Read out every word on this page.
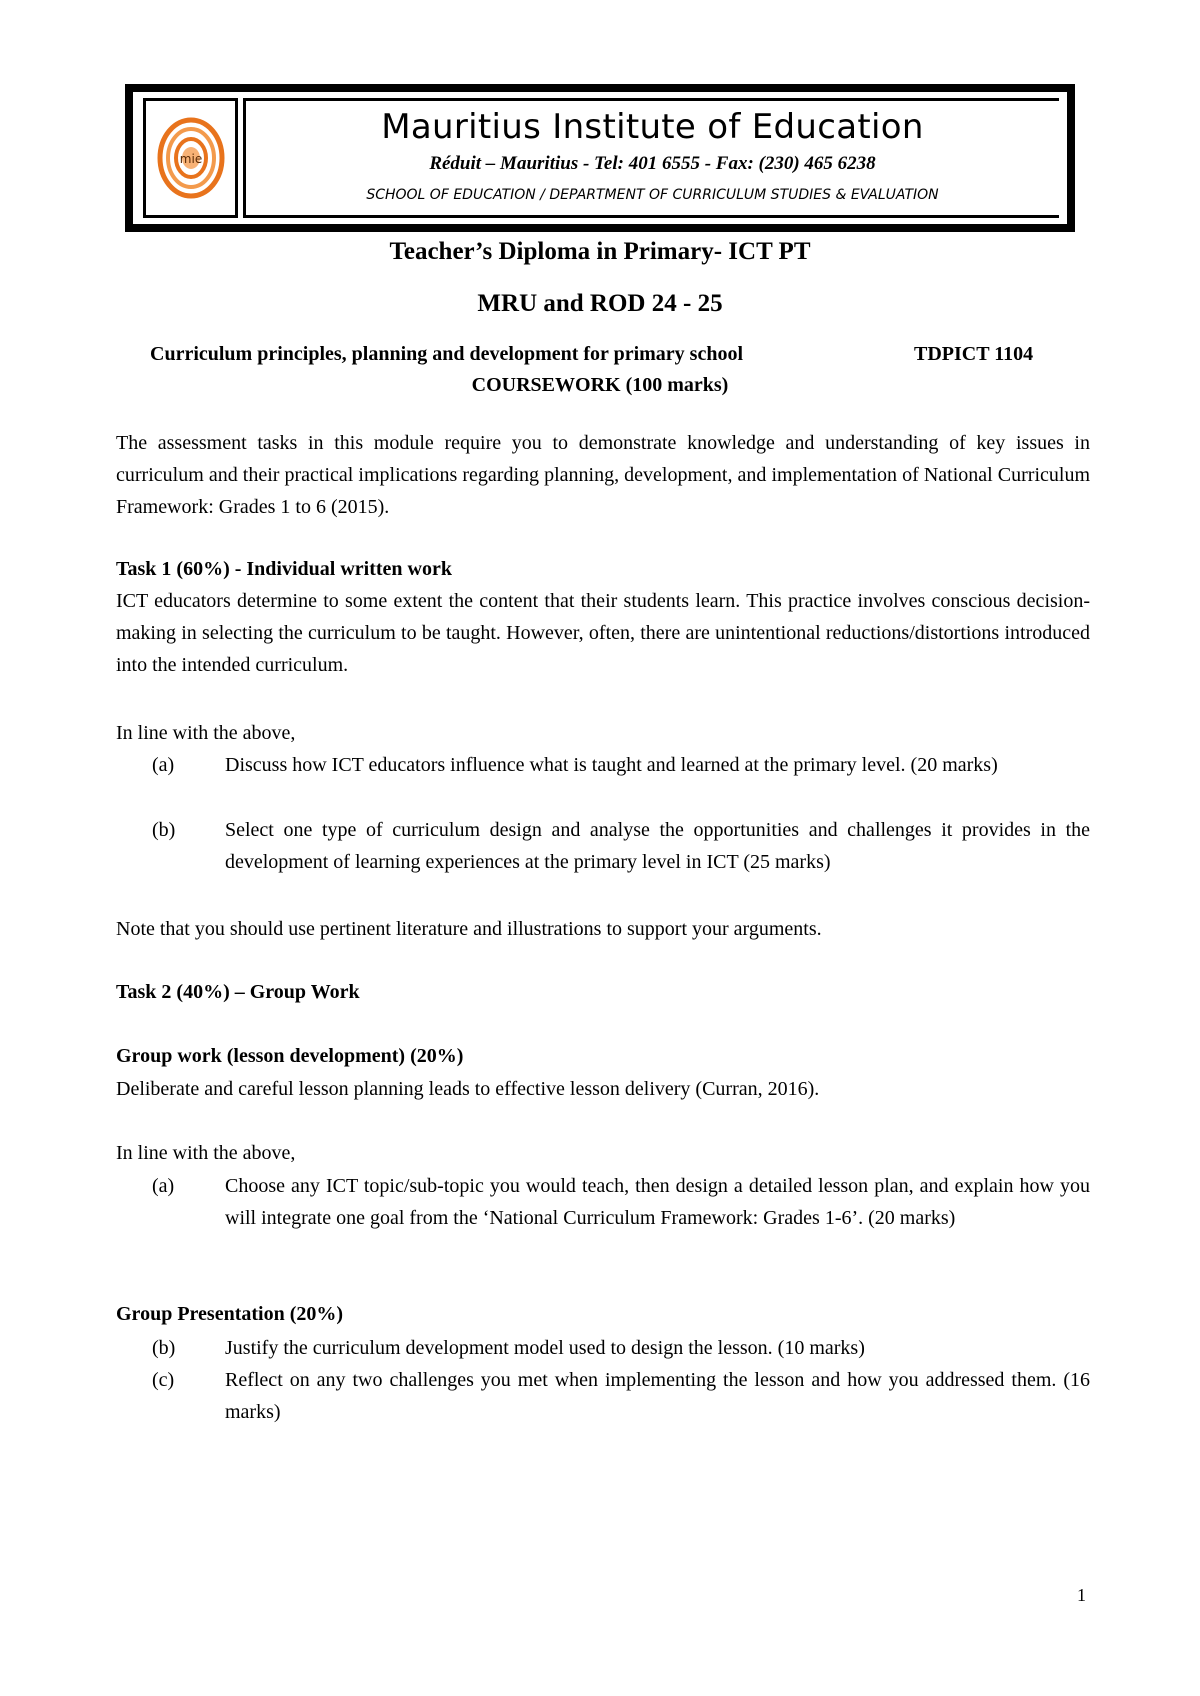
mie
Mauritius Institute of Education
Réduit – Mauritius - Tel: 401 6555 - Fax: (230) 465 6238
SCHOOL OF EDUCATION / DEPARTMENT OF CURRICULUM STUDIES & EVALUATION
Teacher’s Diploma in Primary- ICT PT
MRU and ROD 24 - 25
Curriculum principles, planning and development for primary school	TDPICT 1104
COURSEWORK (100 marks)
The assessment tasks in this module require you to demonstrate knowledge and understanding of key issues in curriculum and their practical implications regarding planning, development, and implementation of National Curriculum Framework: Grades 1 to 6 (2015).
Task 1 (60%) - Individual written work
ICT educators determine to some extent the content that their students learn. This practice involves conscious decision-making in selecting the curriculum to be taught. However, often, there are unintentional reductions/distortions introduced into the intended curriculum.
In line with the above,
(a)	Discuss how ICT educators influence what is taught and learned at the primary level. (20 marks)
(b) Select one type of curriculum design and analyse the opportunities and challenges it provides in the development of learning experiences at the primary level in ICT (25 marks)
Note that you should use pertinent literature and illustrations to support your arguments.
Task 2 (40%) – Group Work
Group work (lesson development) (20%)
Deliberate and careful lesson planning leads to effective lesson delivery (Curran, 2016).
In line with the above,
(a)	Choose any ICT topic/sub-topic you would teach, then design a detailed lesson plan, and explain how you will integrate one goal from the ‘National Curriculum Framework: Grades 1-6’. (20 marks)
Group Presentation (20%)
(b) Justify the curriculum development model used to design the lesson. (10 marks)
(c)	Reflect on any two challenges you met when implementing the lesson and how you addressed them. (16 marks)
1
